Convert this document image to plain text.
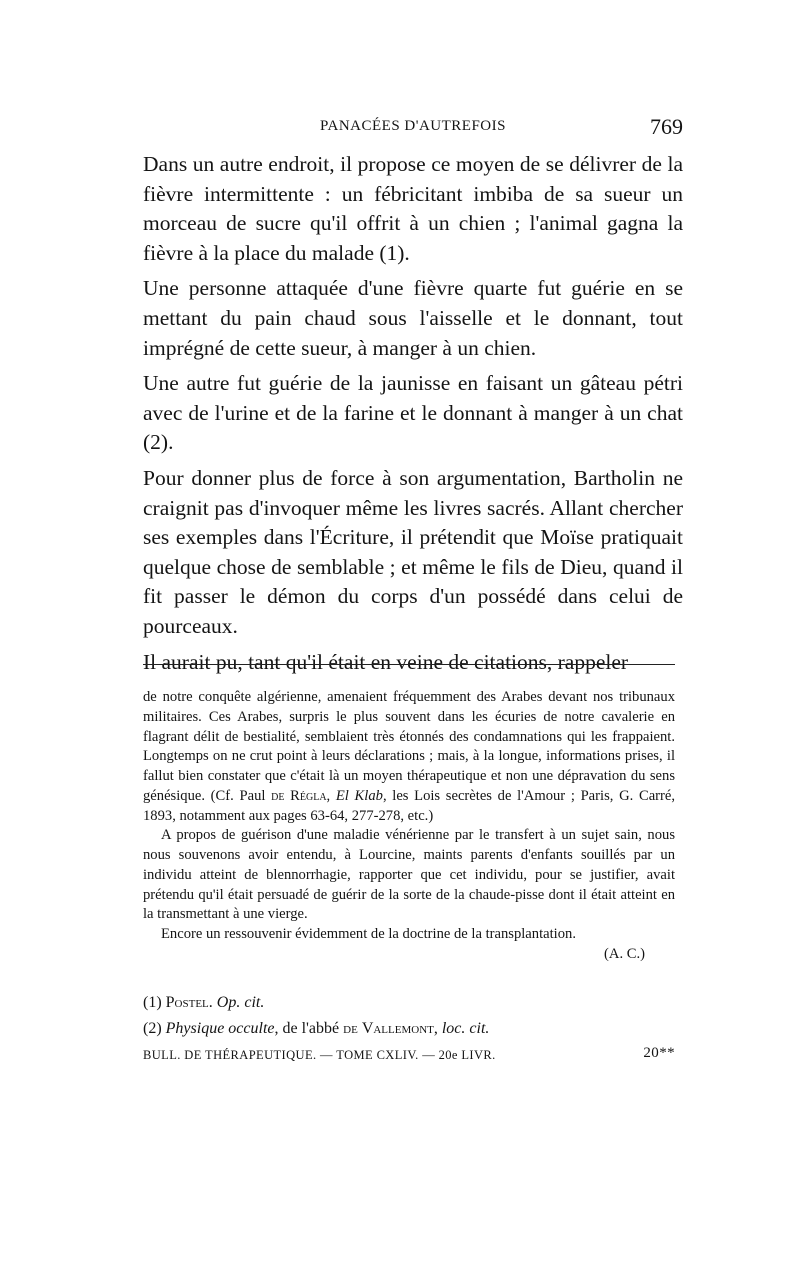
PANACÉES D'AUTREFOIS	769

Dans un autre endroit, il propose ce moyen de se délivrer de la fièvre intermittente : un fébricitant imbiba de sa sueur un morceau de sucre qu'il offrit à un chien ; l'animal gagna la fièvre à la place du malade (1).

Une personne attaquée d'une fièvre quarte fut guérie en se mettant du pain chaud sous l'aisselle et le donnant, tout imprégné de cette sueur, à manger à un chien.

Une autre fut guérie de la jaunisse en faisant un gâteau pétri avec de l'urine et de la farine et le donnant à manger à un chat (2).

Pour donner plus de force à son argumentation, Bartholin ne craignit pas d'invoquer même les livres sacrés. Allant chercher ses exemples dans l'Écriture, il prétendit que Moïse pratiquait quelque chose de semblable ; et même le fils de Dieu, quand il fit passer le démon du corps d'un possédé dans celui de pourceaux.

Il aurait pu, tant qu'il était en veine de citations, rappeler

de notre conquête algérienne, amenaient fréquemment des Arabes devant nos tribunaux militaires. Ces Arabes, surpris le plus souvent dans les écuries de notre cavalerie en flagrant délit de bestialité, semblaient très étonnés des condamnations qui les frappaient. Longtemps on ne crut point à leurs déclarations ; mais, à la longue, informations prises, il fallut bien constater que c'était là un moyen thérapeutique et non une dépravation du sens génésique. (Cf. Paul de Régla, El Klab, les Lois secrètes de l'Amour ; Paris, G. Carré, 1893, notamment aux pages 63-64, 277-278, etc.)

A propos de guérison d'une maladie vénérienne par le transfert à un sujet sain, nous nous souvenons avoir entendu, à Lourcine, maints parents d'enfants souillés par un individu atteint de blennorrhagie, rapporter que cet individu, pour se justifier, avait prétendu qu'il était persuadé de guérir de la sorte de la chaude-pisse dont il était atteint en la transmettant à une vierge.

Encore un ressouvenir évidemment de la doctrine de la transplantation.

(A. C.)

(1) Postel. Op. cit.

(2) Physique occulte, de l'abbé de Vallemont, loc. cit.

BULL. DE THÉRAPEUTIQUE. — TOME CXLIV. — 20e LIVR.	20**
